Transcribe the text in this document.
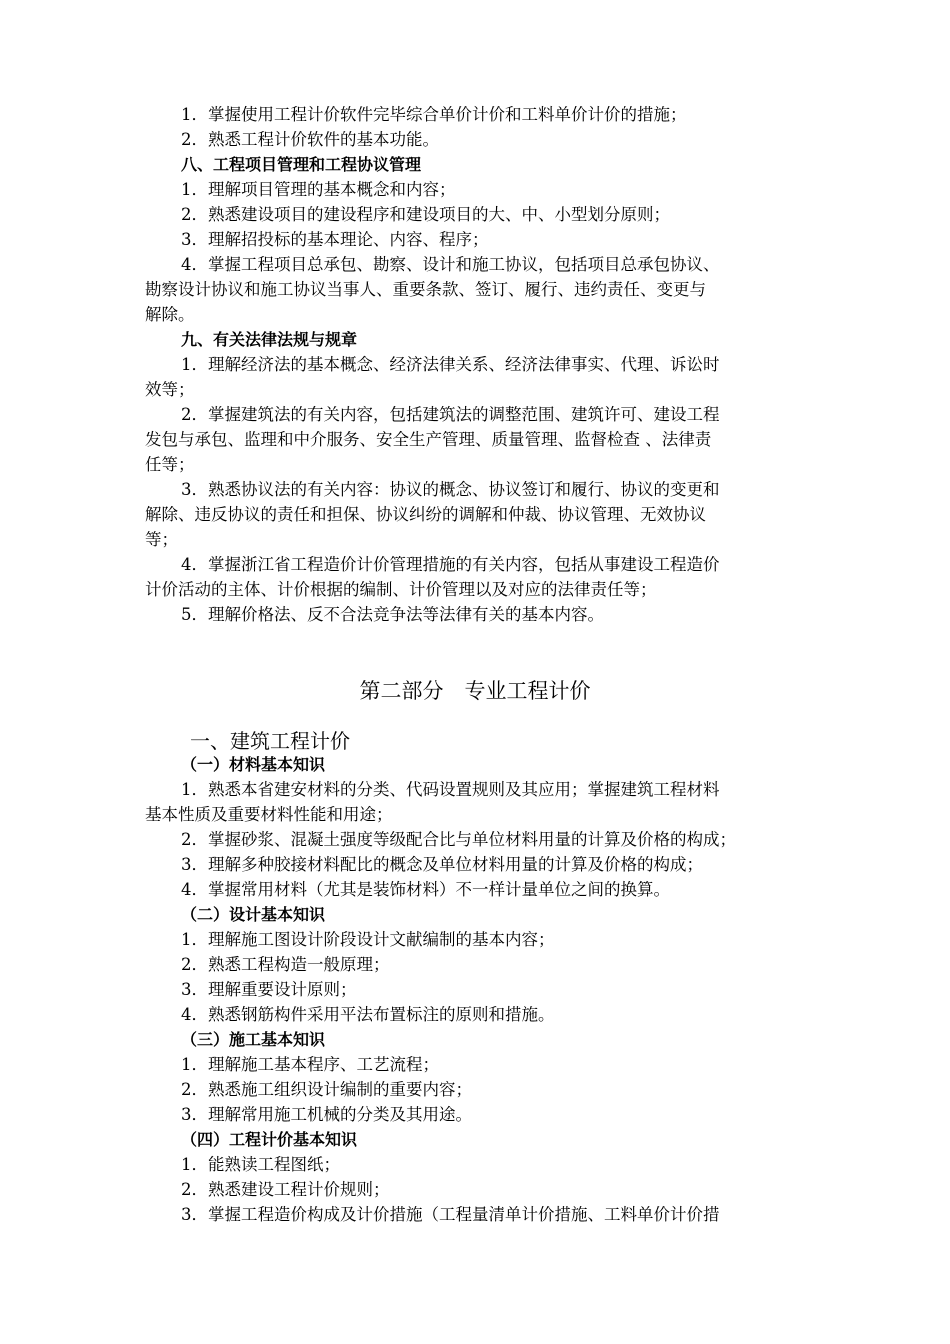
1．掌握使用工程计价软件完毕综合单价计价和工料单价计价的措施；
2．熟悉工程计价软件的基本功能。
八、工程项目管理和工程协议管理
1．理解项目管理的基本概念和内容；
2．熟悉建设项目的建设程序和建设项目的大、中、小型划分原则；
3．理解招投标的基本理论、内容、程序；
4．掌握工程项目总承包、勘察、设计和施工协议，包括项目总承包协议、
勘察设计协议和施工协议当事人、重要条款、签订、履行、违约责任、变更与
解除。
九、有关法律法规与规章
1．理解经济法的基本概念、经济法律关系、经济法律事实、代理、诉讼时
效等；
2．掌握建筑法的有关内容，包括建筑法的调整范围、建筑许可、建设工程
发包与承包、监理和中介服务、安全生产管理、质量管理、监督检查 、法律责
任等；
3．熟悉协议法的有关内容：协议的概念、协议签订和履行、协议的变更和
解除、违反协议的责任和担保、协议纠纷的调解和仲裁、协议管理、无效协议
等；
4．掌握浙江省工程造价计价管理措施的有关内容，包括从事建设工程造价
计价活动的主体、计价根据的编制、计价管理以及对应的法律责任等；
5．理解价格法、反不合法竞争法等法律有关的基本内容。
第二部分　专业工程计价
一、建筑工程计价
（一）材料基本知识
1．熟悉本省建安材料的分类、代码设置规则及其应用；掌握建筑工程材料
基本性质及重要材料性能和用途；
2．掌握砂浆、混凝土强度等级配合比与单位材料用量的计算及价格的构成；
3．理解多种胶接材料配比的概念及单位材料用量的计算及价格的构成；
4．掌握常用材料（尤其是装饰材料）不一样计量单位之间的换算。
（二）设计基本知识
1．理解施工图设计阶段设计文献编制的基本内容；
2．熟悉工程构造一般原理；
3．理解重要设计原则；
4．熟悉钢筋构件采用平法布置标注的原则和措施。
（三）施工基本知识
1．理解施工基本程序、工艺流程；
2．熟悉施工组织设计编制的重要内容；
3．理解常用施工机械的分类及其用途。
（四）工程计价基本知识
1．能熟读工程图纸；
2．熟悉建设工程计价规则；
3．掌握工程造价构成及计价措施（工程量清单计价措施、工料单价计价措
